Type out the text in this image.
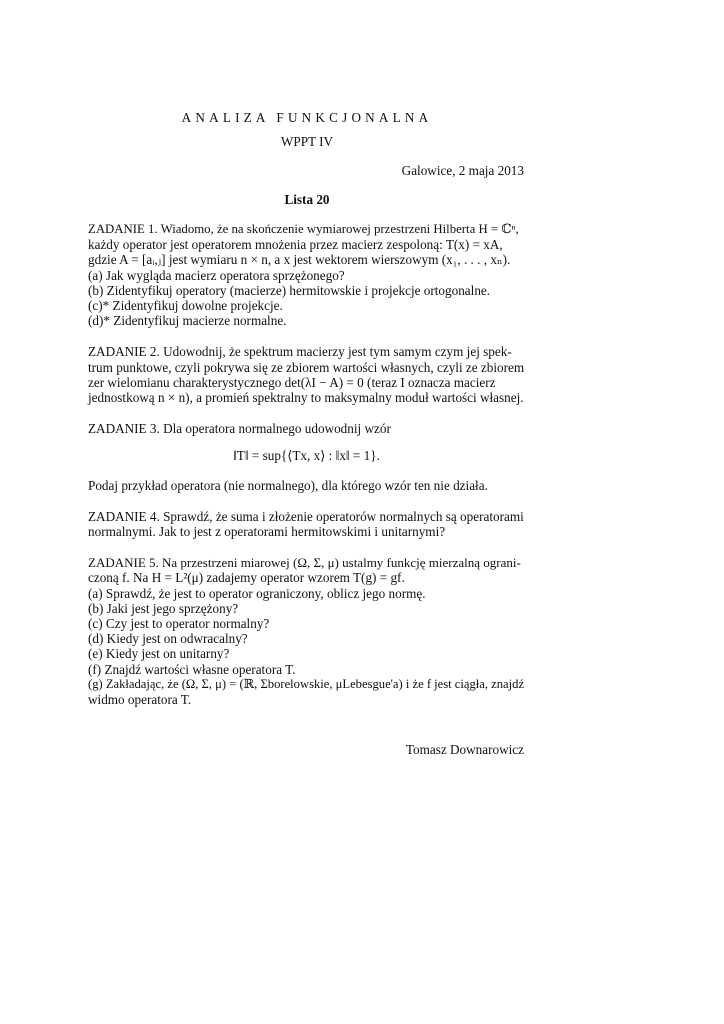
ANALIZA FUNKCJONALNA
WPPT IV
Galowice, 2 maja 2013
Lista 20
ZADANIE 1. Wiadomo, że na skończenie wymiarowej przestrzeni Hilberta H = ℂⁿ,
każdy operator jest operatorem mnożenia przez macierz zespoloną: T(x) = xA,
gdzie A = [aᵢ,ⱼ] jest wymiaru n × n, a x jest wektorem wierszowym (x₁, . . . , xₙ).
(a) Jak wygląda macierz operatora sprzężonego?
(b) Zidentyfikuj operatory (macierze) hermitowskie i projekcje ortogonalne.
(c)* Zidentyfikuj dowolne projekcje.
(d)* Zidentyfikuj macierze normalne.
ZADANIE 2. Udowodnij, że spektrum macierzy jest tym samym czym jej spek-
trum punktowe, czyli pokrywa się ze zbiorem wartości własnych, czyli ze zbiorem
zer wielomianu charakterystycznego det(λI − A) = 0 (teraz I oznacza macierz
jednostkową n × n), a promień spektralny to maksymalny moduł wartości własnej.
ZADANIE 3. Dla operatora normalnego udowodnij wzór
‖T‖ = sup{⟨Tx, x⟩ : ‖x‖ = 1}.
Podaj przykład operatora (nie normalnego), dla którego wzór ten nie działa.
ZADANIE 4. Sprawdź, że suma i złożenie operatorów normalnych są operatorami
normalnymi. Jak to jest z operatorami hermitowskimi i unitarnymi?
ZADANIE 5. Na przestrzeni miarowej (Ω, Σ, μ) ustalmy funkcję mierzalną ograni-
czoną f. Na H = L²(μ) zadajemy operator wzorem T(g) = gf.
(a) Sprawdź, że jest to operator ograniczony, oblicz jego normę.
(b) Jaki jest jego sprzężony?
(c) Czy jest to operator normalny?
(d) Kiedy jest on odwracalny?
(e) Kiedy jest on unitarny?
(f) Znajdź wartości własne operatora T.
(g) Zakładając, że (Ω, Σ, μ) = (ℝ, Σborelowskie, μLebesgue'a) i że f jest ciągła, znajdź
widmo operatora T.
Tomasz Downarowicz
